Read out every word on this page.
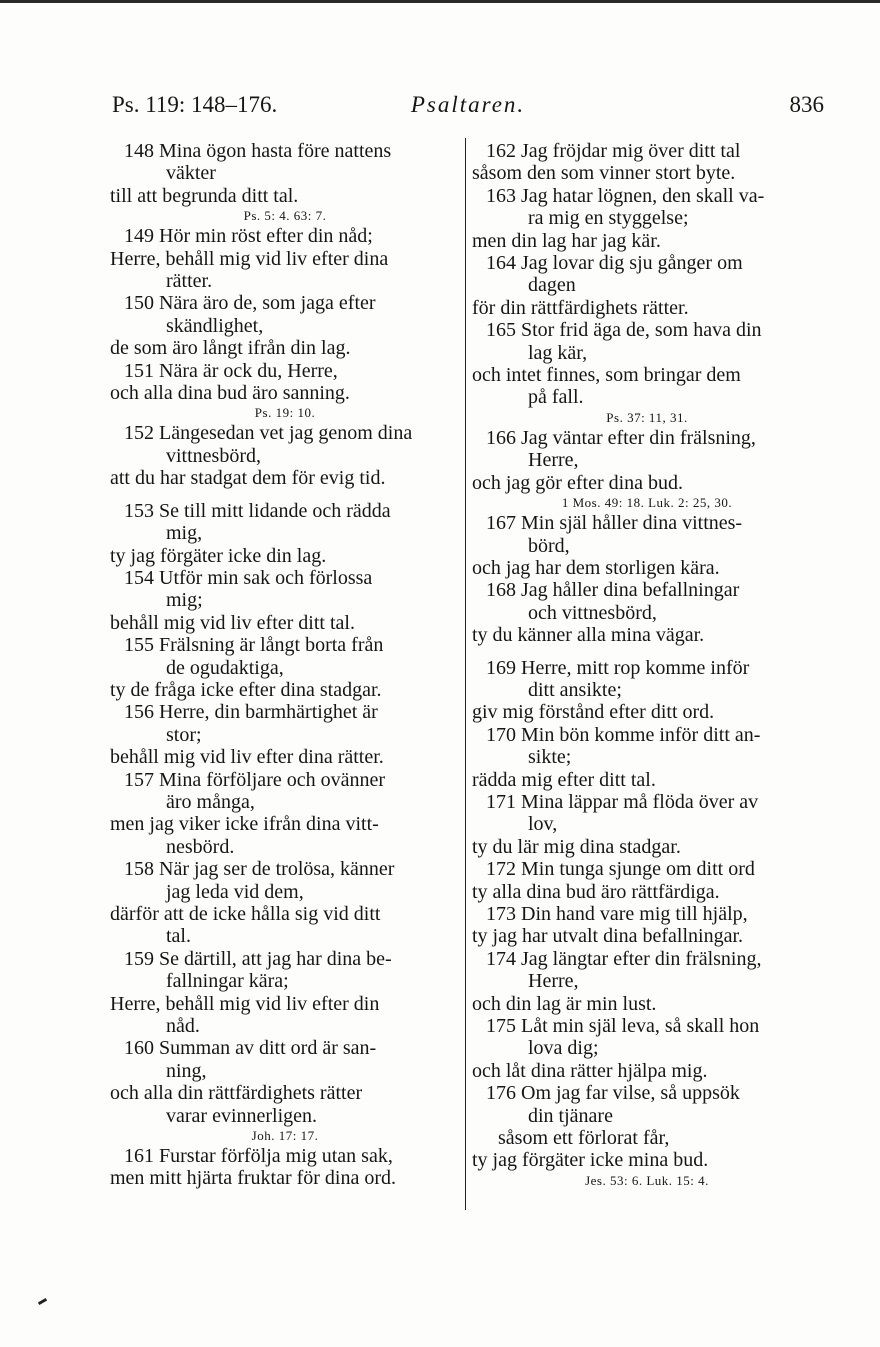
Ps. 119: 148–176.	Psaltaren.	836
148 Mina ögon hasta före nattens
väkter
till att begrunda ditt tal.
Ps. 5: 4. 63: 7.
149 Hör min röst efter din nåd;
Herre, behåll mig vid liv efter dina
rätter.
150 Nära äro de, som jaga efter
skändlighet,
de som äro långt ifrån din lag.
151 Nära är ock du, Herre,
och alla dina bud äro sanning.
Ps. 19: 10.
152 Längesedan vet jag genom dina
vittnesbörd,
att du har stadgat dem för evig tid.
153 Se till mitt lidande och rädda
mig,
ty jag förgäter icke din lag.
154 Utför min sak och förlossa
mig;
behåll mig vid liv efter ditt tal.
155 Frälsning är långt borta från
de ogudaktiga,
ty de fråga icke efter dina stadgar.
156 Herre, din barmhärtighet är
stor;
behåll mig vid liv efter dina rätter.
157 Mina förföljare och ovänner
äro många,
men jag viker icke ifrån dina vitt-
nesbörd.
158 När jag ser de trolösa, känner
jag leda vid dem,
därför att de icke hålla sig vid ditt
tal.
159 Se därtill, att jag har dina be-
fallningar kära;
Herre, behåll mig vid liv efter din
nåd.
160 Summan av ditt ord är san-
ning,
och alla din rättfärdighets rätter
varar evinnerligen.
Joh. 17: 17.
161 Furstar förfölja mig utan sak,
men mitt hjärta fruktar för dina ord.
162 Jag fröjdar mig över ditt tal
såsom den som vinner stort byte.
163 Jag hatar lögnen, den skall va-
ra mig en styggelse;
men din lag har jag kär.
164 Jag lovar dig sju gånger om
dagen
för din rättfärdighets rätter.
165 Stor frid äga de, som hava din
lag kär,
och intet finnes, som bringar dem
på fall.
Ps. 37: 11, 31.
166 Jag väntar efter din frälsning,
Herre,
och jag gör efter dina bud.
1 Mos. 49: 18. Luk. 2: 25, 30.
167 Min själ håller dina vittnes-
börd,
och jag har dem storligen kära.
168 Jag håller dina befallningar
och vittnesbörd,
ty du känner alla mina vägar.
169 Herre, mitt rop komme inför
ditt ansikte;
giv mig förstånd efter ditt ord.
170 Min bön komme inför ditt an-
sikte;
rädda mig efter ditt tal.
171 Mina läppar må flöda över av
lov,
ty du lär mig dina stadgar.
172 Min tunga sjunge om ditt ord
ty alla dina bud äro rättfärdiga.
173 Din hand vare mig till hjälp,
ty jag har utvalt dina befallningar.
174 Jag längtar efter din frälsning,
Herre,
och din lag är min lust.
175 Låt min själ leva, så skall hon
lova dig;
och låt dina rätter hjälpa mig.
176 Om jag far vilse, så uppsök
din tjänare
såsom ett förlorat får,
ty jag förgäter icke mina bud.
Jes. 53: 6. Luk. 15: 4.
